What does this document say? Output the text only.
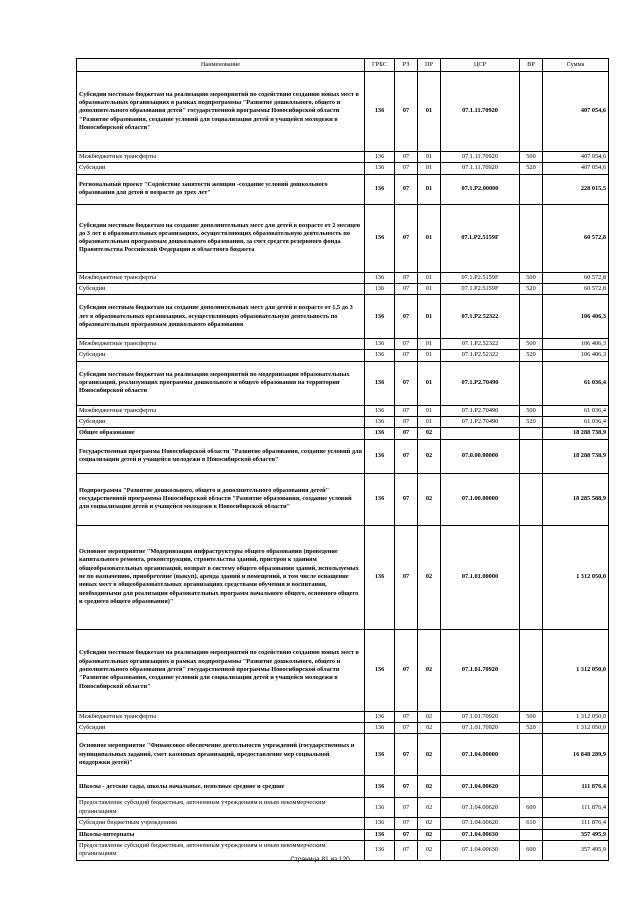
Наименование	ГРБС	РЗ	ПР	ЦСР	ВР	Сумма
Субсидии местным бюджетам на реализацию мероприятий по содействию созданию новых мест в образовательных организациях в рамках подпрограммы "Развитие дошкольного, общего и дополнительного образования детей" государственной программы Новосибирской области "Развитие образования, создание условий для социализации детей и учащейся молодежи в Новосибирской области"	136	07	01	07.1.11.70920		407 054,6
Межбюджетные трансферты	136	07	01	07.1.11.70920	500	407 054,6
Субсидии	136	07	01	07.1.11.70920	520	407 054,6
Региональный проект "Содействие занятости женщин -создание условий дошкольного образования для детей в возрасте до трех лет"	136	07	01	07.1.Р2.00000		228 015,5
Субсидии местным бюджетам на создание дополнительных мест для детей в возрасте от 2 месяцев до 3 лет в образовательных организациях, осуществляющих образовательную деятельность по образовательным программам дошкольного образования, за счет средств резервного фонда Правительства Российской Федерации и областного бюджета	136	07	01	07.1.Р2.5159F		60 572,8
Межбюджетные трансферты	136	07	01	07.1.Р2.5159F	500	60 572,8
Субсидии	136	07	01	07.1.Р2.5159F	520	60 572,8
Субсидии местным бюджетам на создание дополнительных мест для детей в возрасте от 1,5 до 3 лет в образовательных организациях, осуществляющих образовательную деятельность по образовательным программам дошкольного образования	136	07	01	07.1.Р2.52322		106 406,3
Межбюджетные трансферты	136	07	01	07.1.Р2.52322	500	106 406,3
Субсидии	136	07	01	07.1.Р2.52322	520	106 406,3
Субсидии местным бюджетам на реализацию мероприятий по модернизации образовательных организаций, реализующих программы дошкольного и общего образования на территории Новосибирской области	136	07	01	07.1.Р2.70490		61 036,4
Межбюджетные трансферты	136	07	01	07.1.Р2.70490	500	61 036,4
Субсидии	136	07	01	07.1.Р2.70490	520	61 036,4
Общее образование	136	07	02			18 288 738,9
Государственная программа Новосибирской области "Развитие образования, создание условий для социализации детей и учащейся молодежи в Новосибирской области"	136	07	02	07.0.00.00000		18 288 738,9
Подпрограмма "Развитие дошкольного, общего и дополнительного образования детей" государственной программы Новосибирской области "Развитие образования, создание условий для социализации детей и учащейся молодежи в Новосибирской области"	136	07	02	07.1.00.00000		18 285 588,9
Основное мероприятие "Модернизация инфраструктуры общего образования (проведение капитального ремонта, реконструкции, строительства зданий, пристроя к зданиям общеобразовательных организаций, возврат в систему общего образования зданий, используемых не по назначению, приобретение (выкуп), аренда зданий и помещений, в том числе оснащение новых мест в общеобразовательных организациях средствами обучения и воспитания, необходимыми для реализации образовательных программ начального общего, основного общего и среднего общего образования)"	136	07	02	07.1.01.00000		1 312 050,0
Субсидии местным бюджетам на реализацию мероприятий по содействию созданию новых мест в образовательных организациях в рамках подпрограммы "Развитие дошкольного, общего и дополнительного образования детей" государственной программы Новосибирской области "Развитие образования, создание условий для социализации детей и учащейся молодежи в Новосибирской области"	136	07	02	07.1.01.70920		1 312 050,0
Межбюджетные трансферты	136	07	02	07.1.01.70920	500	1 312 050,0
Субсидии	136	07	02	07.1.01.70920	520	1 312 050,0
Основное мероприятие "Финансовое обеспечение деятельности учреждений (государственных и муниципальных заданий, смет казенных организаций, предоставление мер социальной поддержки детей)"	136	07	02	07.1.04.00000		16 848 289,9
Школы - детские сады, школы начальные, неполные средние и средние	136	07	02	07.1.04.00620		111 876,4
Предоставление субсидий бюджетным, автономным учреждениям и иным некоммерческим организациям	136	07	02	07.1.04.00620	600	111 876,4
Субсидии бюджетным учреждениям	136	07	02	07.1.04.00620	610	111 876,4
Школы-интернаты	136	07	02	07.1.04.00630		357 495,9
Предоставление субсидий бюджетным, автономным учреждениям и иным некоммерческим организациям	136	07	02	07.1.04.00630	600	357 495,9
Страница 81 из 120
